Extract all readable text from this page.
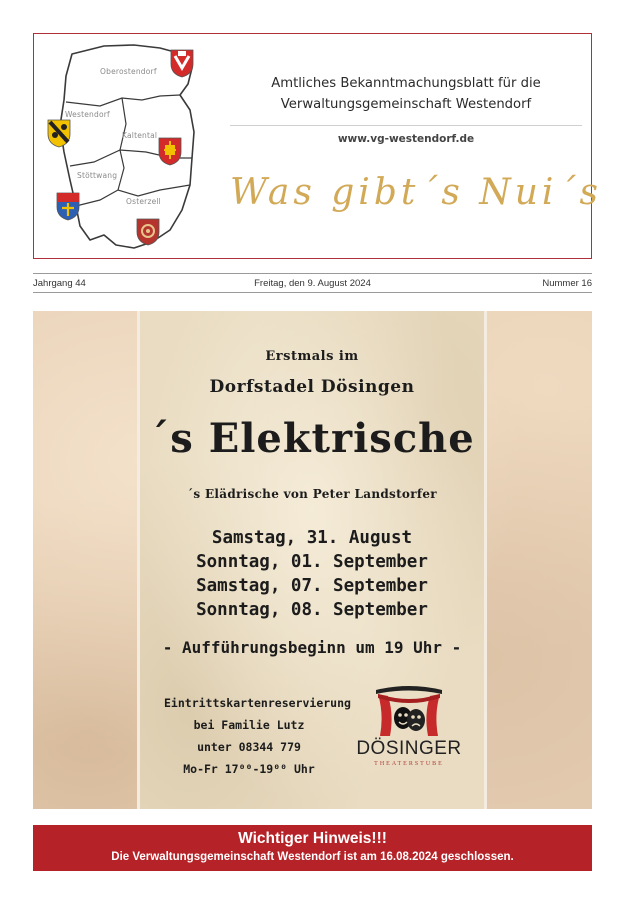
Oberostendorf
Westendorf
Kaltental
Stöttwang
Osterzell
Amtliches Bekanntmachungsblatt für die
Verwaltungsgemeinschaft Westendorf
www.vg-westendorf.de
Was gibt´s Nui´s
Jahrgang 44	Freitag, den 9. August 2024	Nummer 16
Erstmals im
Dorfstadel Dösingen
´s Elektrische
´s Elädrische von Peter Landstorfer
Samstag, 31. August
Sonntag, 01. September
Samstag, 07. September
Sonntag, 08. September
- Aufführungsbeginn um 19 Uhr -
Eintrittskartenreservierung
bei Familie Lutz
unter 08344 779
Mo-Fr 17⁰⁰-19⁰⁰ Uhr
DÖSINGER
THEATERSTUBE
Wichtiger Hinweis!!!
Die Verwaltungsgemeinschaft Westendorf ist am 16.08.2024 geschlossen.
